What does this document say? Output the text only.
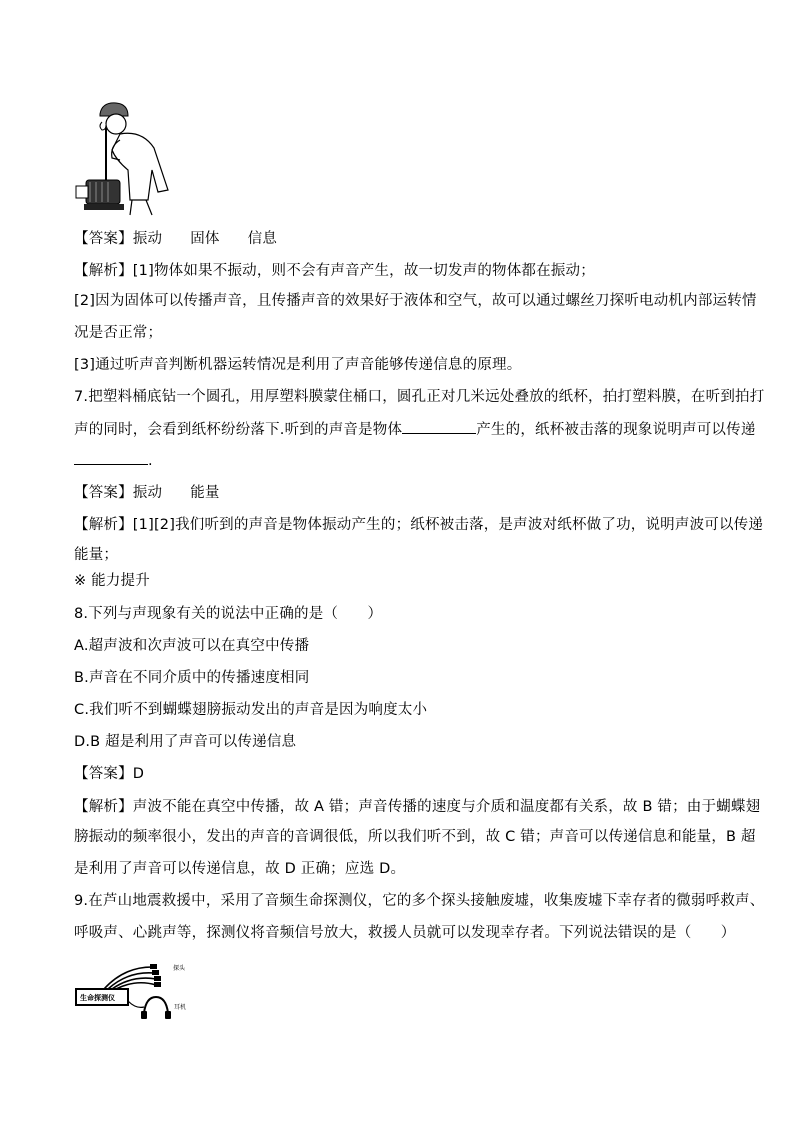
【答案】振动 固体 信息
【解析】[1]物体如果不振动，则不会有声音产生，故一切发声的物体都在振动；
[2]因为固体可以传播声音，且传播声音的效果好于液体和空气，故可以通过螺丝刀探听电动机内部运转情
况是否正常；
[3]通过听声音判断机器运转情况是利用了声音能够传递信息的原理。
7.把塑料桶底钻一个圆孔，用厚塑料膜蒙住桶口，圆孔正对几米远处叠放的纸杯，拍打塑料膜，在听到拍打
声的同时，会看到纸杯纷纷落下.听到的声音是物体	产生的，纸杯被击落的现象说明声可以传递
.
【答案】振动 能量
【解析】[1][2]我们听到的声音是物体振动产生的；纸杯被击落，是声波对纸杯做了功，说明声波可以传递
能量；
※ 能力提升
8.下列与声现象有关的说法中正确的是（　　）
A.超声波和次声波可以在真空中传播
B.声音在不同介质中的传播速度相同
C.我们听不到蝴蝶翅膀振动发出的声音是因为响度太小
D.B 超是利用了声音可以传递信息
【答案】D
【解析】声波不能在真空中传播，故 A 错；声音传播的速度与介质和温度都有关系，故 B 错；由于蝴蝶翅
膀振动的频率很小，发出的声音的音调很低，所以我们听不到，故 C 错；声音可以传递信息和能量，B 超
是利用了声音可以传递信息，故 D 正确；应选 D。
9.在芦山地震救援中，采用了音频生命探测仪，它的多个探头接触废墟，收集废墟下幸存者的微弱呼救声、
呼吸声、心跳声等，探测仪将音频信号放大，救援人员就可以发现幸存者。下列说法错误的是（　　）
探头
生命探测仪
耳机
